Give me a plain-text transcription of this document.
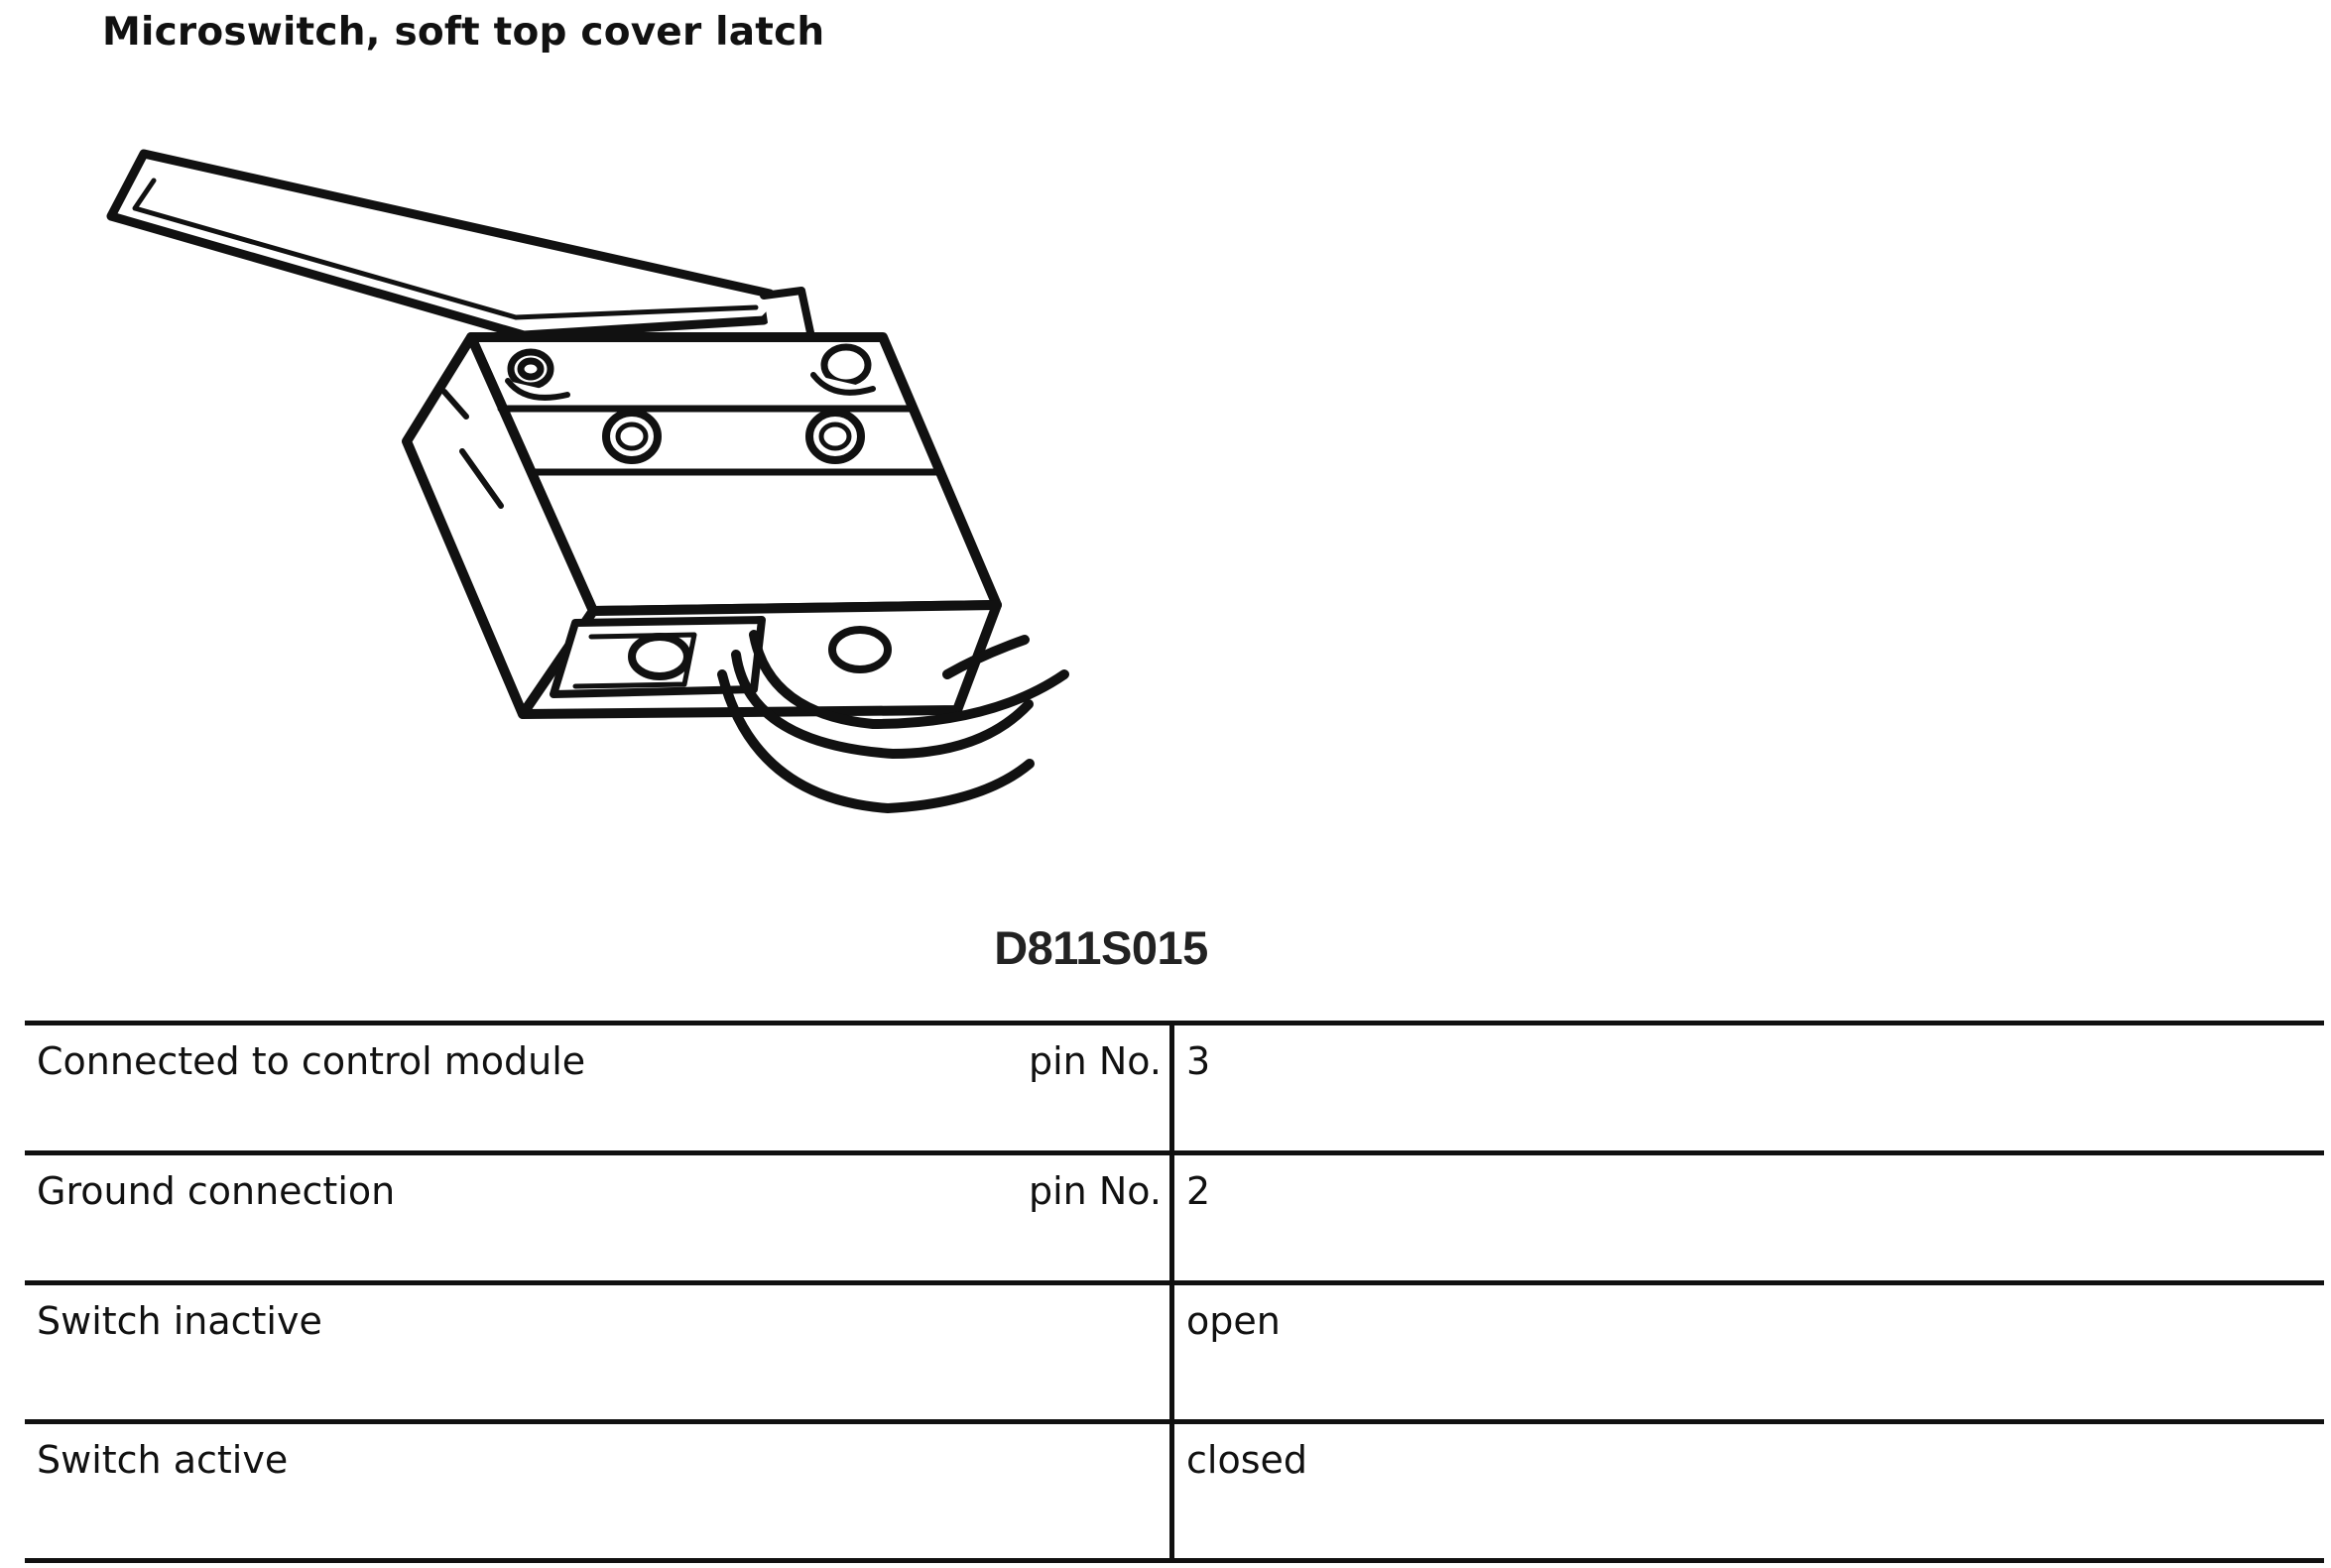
Microswitch, soft top cover latch
D811S015
Connected to control module	pin No.	3
Ground connection	pin No.	2
Switch inactive		open
Switch active		closed
